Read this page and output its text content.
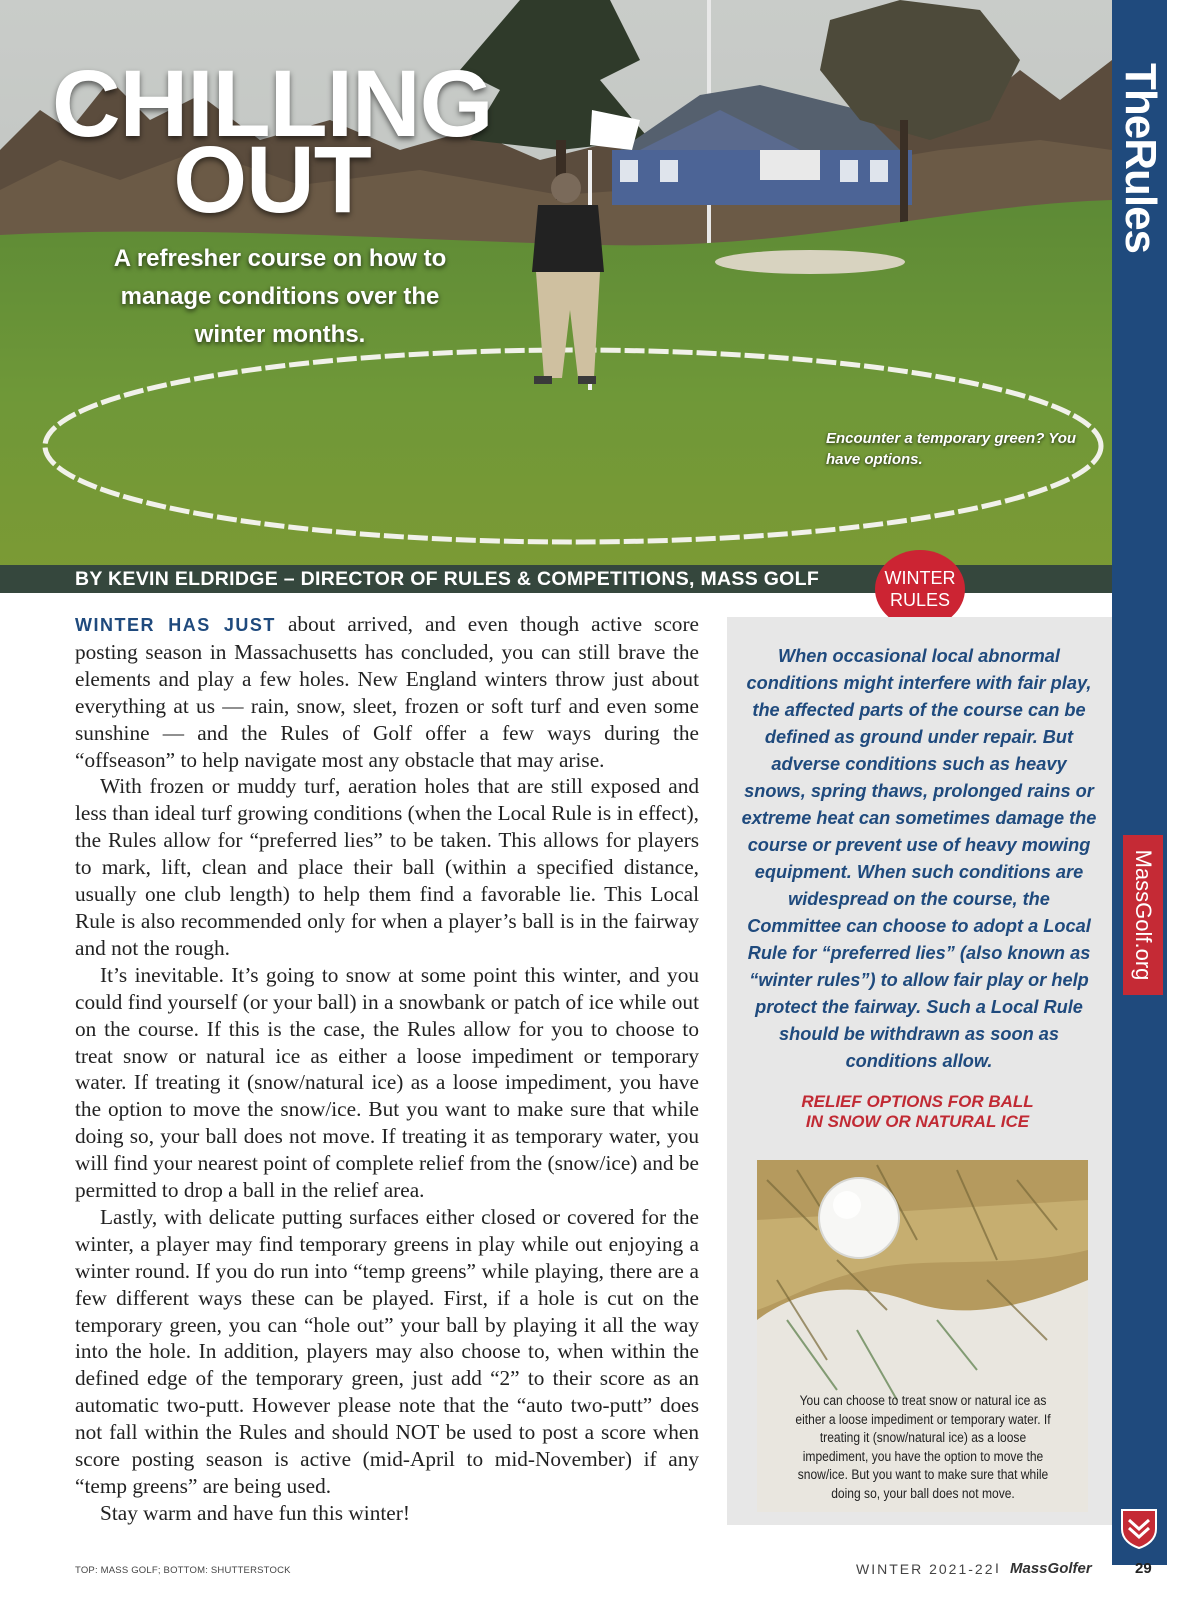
CHILLING
OUT
A refresher course on how to manage conditions over the winter months.
Encounter a temporary green? You have options.
BY KEVIN ELDRIDGE – DIRECTOR OF RULES & COMPETITIONS, MASS GOLF
TheRules
MassGolf.org
WINTER
RULES

WINTER HAS JUST about arrived, and even though active score posting season in Massachusetts has concluded, you can still brave the elements and play a few holes. New England winters throw just about everything at us — rain, snow, sleet, frozen or soft turf and even some sunshine — and the Rules of Golf offer a few ways during the “offseason” to help navigate most any obstacle that may arise.

With frozen or muddy turf, aeration holes that are still exposed and less than ideal turf growing conditions (when the Local Rule is in effect), the Rules allow for “preferred lies” to be taken. This allows for players to mark, lift, clean and place their ball (within a specified distance, usually one club length) to help them find a favorable lie. This Local Rule is also recommended only for when a player’s ball is in the fairway and not the rough.

It’s inevitable. It’s going to snow at some point this winter, and you could find yourself (or your ball) in a snowbank or patch of ice while out on the course. If this is the case, the Rules allow for you to choose to treat snow or natural ice as either a loose impediment or temporary water. If treating it (snow/natural ice) as a loose impediment, you have the option to move the snow/ice. But you want to make sure that while doing so, your ball does not move. If treating it as temporary water, you will find your nearest point of complete relief from the (snow/ice) and be permitted to drop a ball in the relief area.

Lastly, with delicate putting surfaces either closed or covered for the winter, a player may find temporary greens in play while out enjoying a winter round. If you do run into “temp greens” while playing, there are a few different ways these can be played. First, if a hole is cut on the temporary green, you can “hole out” your ball by playing it all the way into the hole. In addition, players may also choose to, when within the defined edge of the temporary green, just add “2” to their score as an automatic two-putt. However please note that the “auto two-putt” does not fall within the Rules and should NOT be used to post a score when score posting season is active (mid-April to mid-November) if any “temp greens” are being used.

Stay warm and have fun this winter!

When occasional local abnormal conditions might interfere with fair play, the affected parts of the course can be defined as ground under repair. But adverse conditions such as heavy snows, spring thaws, prolonged rains or extreme heat can sometimes damage the course or prevent use of heavy mowing equipment. When such conditions are widespread on the course, the Committee can choose to adopt a Local Rule for “preferred lies” (also known as “winter rules”) to allow fair play or help protect the fairway. Such a Local Rule should be withdrawn as soon as conditions allow.
RELIEF OPTIONS FOR BALL IN SNOW OR NATURAL ICE
You can choose to treat snow or natural ice as either a loose impediment or temporary water. If treating it (snow/natural ice) as a loose impediment, you have the option to move the snow/ice. But you want to make sure that while doing so, your ball does not move.
TOP: MASS GOLF; BOTTOM: SHUTTERSTOCK	WINTER 2021-22 I MassGolfer	29
